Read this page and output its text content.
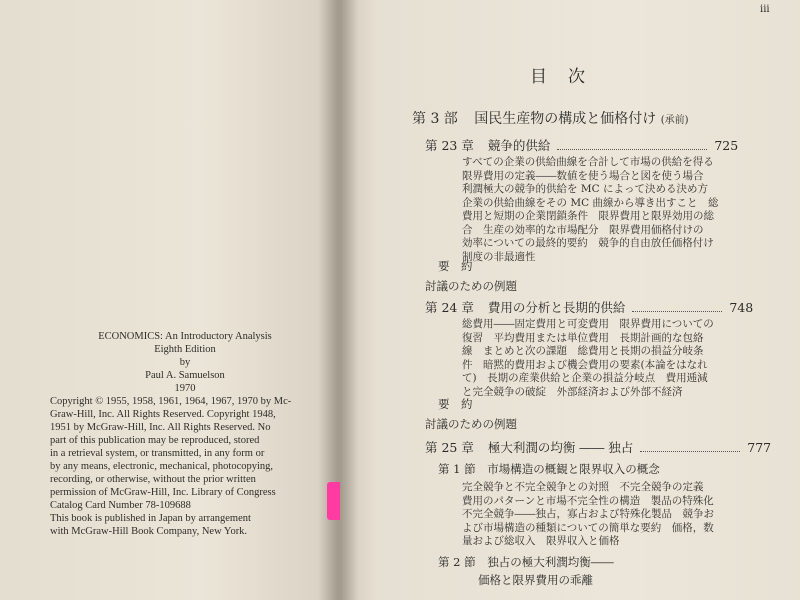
ECONOMICS: An Introductory Analysis
Eighth Edition
by
Paul A. Samuelson
1970
Copyright © 1955, 1958, 1961, 1964, 1967, 1970 by Mc-
Graw-Hill, Inc. All Rights Reserved. Copyright 1948,
1951 by McGraw-Hill, Inc. All Rights Reserved. No
part of this publication may be reproduced, stored
in a retrieval system, or transmitted, in any form or
by any means, electronic, mechanical, photocopying,
recording, or otherwise, without the prior written
permission of McGraw-Hill, Inc. Library of Congress
Catalog Card Number 78-109688
This book is published in Japan by arrangement
with McGraw-Hill Book Company, New York.
iii
目　次
第 3 部 国民生産物の構成と価格付け (承前)
第 23 章 競争的供給	725
すべての企業の供給曲線を合計して市場の供給を得る
限界費用の定義――数値を使う場合と図を使う場合
利潤極大の競争的供給を MC によって決める決め方
企業の供給曲線をその MC 曲線から導き出すこと　総
費用と短期の企業閉鎖条件　限界費用と限界効用の総
合　生産の効率的な市場配分　限界費用価格付けの
効率についての最終的要約　競争的自由放任価格付け
制度の非最適性
要　約
討議のための例題
第 24 章 費用の分析と長期的供給	748
総費用――固定費用と可変費用　限界費用についての
復習　平均費用または単位費用　長期計画的な包絡
線　まとめと次の課題　総費用と長期の損益分岐条
件　暗黙的費用および機会費用の要素(本論をはなれ
て)　長期の産業供給と企業の損益分岐点　費用逓減
と完全競争の破綻　外部経済および外部不経済
要　約
討議のための例題
第 25 章 極大利潤の均衡 ―― 独占	777
第 1 節 市場構造の概観と限界収入の概念
完全競争と不完全競争との対照　不完全競争の定義
費用のパターンと市場不完全性の構造　製品の特殊化
不完全競争――独占，寡占および特殊化製品　競争お
よび市場構造の種類についての簡単な要約　価格，数
量および総収入　限界収入と価格
第 2 節 独占の極大利潤均衡――
価格と限界費用の乖離
